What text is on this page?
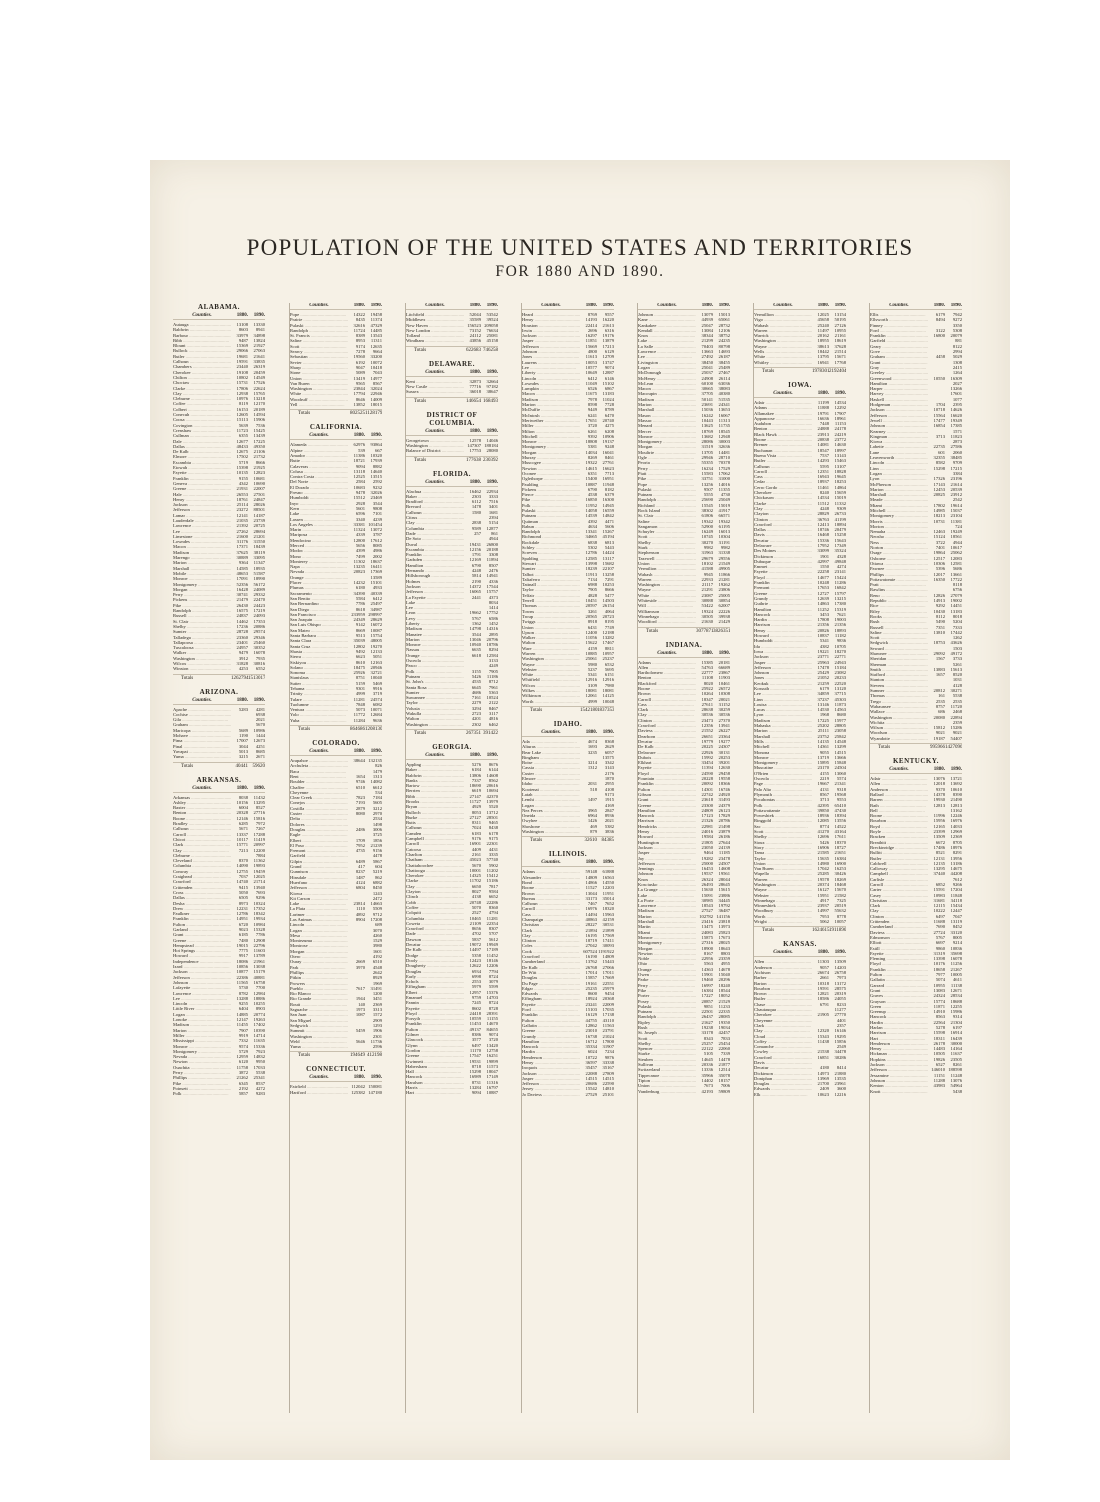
POPULATION OF THE UNITED STATES AND TERRITORIES
FOR 1880 AND 1890.
ALABAMA.
Counties.	1880.	1890.
Autauga .....	13108	13330
Baldwin .....	8603	8941
Barbour .....	33979	34898
Bibb .....	9487	13824
Blount .....	15369	21927
Bullock .....	29066	27063
Butler .....	19681	21641
Calhoun .....	19591	33835
Chambers .....	23440	26319
Cherokee .....	19108	20459
Chilton .....	10802	14549
Choctaw .....	15731	17526
Clarke .....	17806	22624
Clay .....	12938	15765
Cleburne .....	10976	13218
Coffee .....	8119	12170
Colbert .....	16153	20189
Conecuh .....	12605	14594
Coosa .....	15113	15906
Covington .....	5639	7536
Crenshaw .....	11723	15425
Cullman .....	6355	13439
Dale .....	12677	17225
Dallas .....	48433	49350
De Kalb .....	12675	21106
Elmore .....	17502	21732
Escambia .....	5719	8666
Etowah .....	15398	21925
Fayette .....	10135	12823
Franklin .....	9155	10681
Geneva .....	4342	10690
Greene .....	21931	22007
Hale .....	26553	27501
Henry .....	18761	24847
Jackson .....	25114	28026
Jefferson .....	23272	88501
Lamar .....	12141	14187
Lauderdale .....	21035	23739
Lawrence .....	21392	20725
Lee .....	27262	28694
Limestone .....	21600	21201
Lowndes .....	31176	31550
Macon .....	17371	18439
Madison .....	37625	38119
Marengo .....	30889	33095
Marion .....	9364	11347
Marshall .....	14585	18935
Mobile .....	48653	51587
Monroe .....	17091	18990
Montgomery .....	52356	56172
Morgan .....	16428	24089
Perry .....	30741	29332
Pickens .....	21479	22470
Pike .....	26430	24423
Randolph .....	16575	17219
Russell .....	24837	24093
St. Clair .....	14462	17353
Shelby .....	17236	20886
Sumter .....	28728	29574
Talladega .....	23360	29346
Tallapoosa .....	23401	25460
Tuscaloosa .....	24957	30352
Walker .....	9479	16078
Washington .....	3912	7935
Wilcox .....	31828	30816
Winston .....	4253	6552
Totals	1262794 1513017
ARIZONA.
Counties.	1880.	1890.
Apache .....	5283	4281
Cochise .....	6938
Gila .....	2021
Graham .....	5670
Maricopa .....	5689	10986
Mohave .....	1190	1444
Pima .....	17007	12673
Pinal .....	3044	4251
Yavapai .....	5013	8685
Yuma .....	3215	2671
Totals	40441 59620
ARKANSAS.
Counties.	1880.	1890.
Arkansas .....	8038	11432
Ashley .....	10156	13295
Baxter .....	6004	8527
Benton .....	20328	27716
Boone .....	12146	15816
Bradley .....	6285	7972
Calhoun .....	5671	7267
Carroll .....	13337	17288
Chicot .....	10117	11419
Clark .....	15771	20997
Clay .....	7213	12200
Cleburne .....	7884
Cleveland .....	8370	11362
Columbia .....	14090	19893
Conway .....	12755	19459
Craighead .....	7037	12025
Crawford .....	14740	21714
Crittenden .....	9415	13940
Cross .....	5050	7693
Dallas .....	6505	9296
Desha .....	8973	10324
Drew .....	12231	17352
Faulkner .....	12786	18342
Franklin .....	14951	19934
Fulton .....	6720	10984
Garland .....	9023	15328
Grant .....	6185	7786
Greene .....	7480	12908
Hempstead .....	19015	22796
Hot Springs .....	7775	11603
Howard .....	9917	13789
Independence .....	18086	21961
Izard .....	10856	13038
Jackson .....	10877	15179
Jefferson .....	22386	40881
Johnson .....	11565	16758
Lafayette .....	5730	7700
Lawrence .....	8782	12984
Lee .....	13288	18886
Lincoln .....	9255	10255
Little River .....	6404	8903
Logan .....	14885	20774
Lonoke .....	12147	19263
Madison .....	11455	17402
Marion .....	7907	10390
Miller .....	9919	14714
Mississippi .....	7332	11635
Monroe .....	9574	15336
Montgomery .....	5729	7923
Nevada .....	12959	14832
Newton .....	6120	9950
Ouachita .....	11758	17033
Perry .....	3872	5538
Phillips .....	21262	25341
Pike .....	6345	8537
Poinsett .....	2192	4272
Polk .....	5857	9283
Counties.	1880.	1890.
Pope .....	14322	19458
Prairie .....	8435	11374
Pulaski .....	32616	47329
Randolph .....	11724	14485
St. Francis .....	8389	13543
Saline .....	8953	11311
Scott .....	9174	12635
Searcy .....	7278	9664
Sebastian .....	19560	33200
Sevier .....	6192	10072
Sharp .....	9047	10418
Stone .....	5089	7043
Union .....	13419	14977
Van Buren .....	9565	8567
Washington .....	23844	32024
White .....	17794	22946
Woodruff .....	8646	14009
Yell .....	13852	18015
Totals	802525 1128179
CALIFORNIA.
Counties.	1880.	1890.
Alameda .....	62976	93864
Alpine .....	539	667
Amador .....	11386	10320
Butte .....	18721	17939
Calaveras .....	9094	8882
Colusa .....	13118	14640
Contra Costa .....	12525	13515
Del Norte .....	2584	2592
El Dorado .....	10683	9232
Fresno .....	9478	32026
Humboldt .....	15512	23469
Inyo .....	2928	3544
Kern .....	5601	9808
Lake .....	6596	7101
Lassen .....	3340	4239
Los Angeles .....	33381 101454
Marin .....	11324	13072
Mariposa .....	4339	3787
Mendocino .....	12800	17612
Merced .....	5656	8085
Modoc .....	4399	4986
Mono .....	7499	2002
Monterey .....	11302	18637
Napa .....	13235	16411
Nevada .....	20823	17369
Orange .....	13589
Placer .....	14232	15101
Plumas .....	6180	4933
Sacramento .....	34390	40339
San Benito .....	5584	6412
San Bernardino .....	7786	25497
San Diego .....	8618	34987
San Francisco .....	233959 298997
San Joaquin .....	24349	28629
San Luis Obispo .....	9142	16072
San Mateo .....	8669	10087
Santa Barbara .....	9513	15754
Santa Clara .....	35039	48005
Santa Cruz .....	12802	19270
Shasta .....	9492	12133
Sierra .....	6623	5051
Siskiyou .....	8610	12163
Solano .....	18475	20946
Sonoma .....	25926	32721
Stanislaus .....	8751	10040
Sutter .....	5159	5469
Tehama .....	9301	9916
Trinity .....	4999	3719
Tulare .....	11281	24574
Tuolumne .....	7848	6082
Ventura .....	5073	10071
Yolo .....	11772	12684
Yuba .....	11284	9636
Totals	864686 1208130
COLORADO.
Counties.	1880.	1890.
Arapahoe .....	38644 132135
Archuleta .....	826
Baca .....	1479
Bent .....	1654	1313
Boulder .....	9746	14082
Chaffee .....	6510	6612
Cheyenne .....	534
Clear Creek .....	7823	7184
Conejos .....	7193	5605
Costilla .....	2879	3212
Custer .....	8080	2970
Delta .....	2534
Dolores .....	1498
Douglas .....	2486	3006
Eagle .....	3725
Elbert .....	1709	1856
El Paso .....	7952	21239
Fremont .....	4735	9156
Garfield .....	4478
Gilpin .....	6489	5867
Grand .....	417	604
Gunnison .....	8237	5219
Hinsdale .....	1487	862
Huerfano .....	4124	6882
Jefferson .....	6804	8450
Kiowa .....	1243
Kit Carson .....	2472
Lake .....	23814	14663
La Plata .....	1110	5509
Larimer .....	4892	9712
Las Animas .....	8904	17208
Lincoln .....	689
Logan .....	3070
Mesa .....	4260
Montezuma .....	1529
Montrose .....	3980
Morgan .....	1601
Otero .....	4192
Ouray .....	2669	6510
Park .....	3970	4548
Phillips .....	2642
Pitkin .....	8929
Prowers .....	1969
Pueblo .....	7617	31491
Rio Blanco .....	1200
Rio Grande .....	1944	3451
Routt .....	140	2369
Saguache .....	1973	3313
San Juan .....	1087	1572
San Miguel .....	2909
Sedgwick .....	1293
Summit .....	5459	1906
Washington .....	2301
Weld .....	5646	11736
Yuma .....	2596
Totals	194649 412198
CONNECTICUT.
Counties.	1880.	1890.
Fairfield .....	112042 150081
Hartford .....	125382 147180
Counties.	1880.	1890.
Litchfield .....	52044	53542
Middlesex .....	35589	39524
New Haven .....	156523 209058
New London .....	73152	76634
Tolland .....	24112	25081
Windham .....	43856	45158
Totals	622683 746258
DELAWARE.
Counties.	1880.	1890.
Kent .....	32873	32664
New Castle .....	77716	97182
Sussex .....	36018	38647
Totals	146654 168493
DISTRICT OF COLUMBIA.
Counties.	1880.	1890.
Georgetown .....	12578	14046
Washington .....	147307 188184
Balance of District .....	17753	28080
Totals	177638 230392
FLORIDA.
Counties.	1880.	1890.
Alachua .....	16462	22934
Baker .....	2303	3333
Bradford .....	6112	7516
Brevard .....	1478	3401
Calhoun .....	1580	1681
Citrus .....	2394
Clay .....	2838	5154
Columbia .....	9589	12877
Dade .....	257	861
De Soto .....	4944
Duval .....	19431	26800
Escambia .....	12156	20188
Franklin .....	1791	3308
Gadsden .....	12169	11894
Hamilton .....	6790	8507
Hernando .....	4248	2476
Hillsborough .....	5814	14941
Holmes .....	2190	4336
Jackson .....	14372	17544
Jefferson .....	16065	15757
La Fayette .....	2441	4373
Lake .....	8034
Lee .....	1414
Leon .....	19662	17752
Levy .....	5767	6586
Liberty .....	1362	1452
Madison .....	14798	14316
Manatee .....	3544	2895
Marion .....	13046	20796
Monroe .....	10940	18786
Nassau .....	6635	8294
Orange .....	6618	12584
Osceola .....	3133
Pasco .....	4249
Polk .....	3155	7905
Putnam .....	5426	11186
St. John's .....	4535	8712
Santa Rosa .....	6645	7961
Sumter .....	4686	5363
Suwannee .....	7161	10524
Taylor .....	2279	2122
Volusia .....	3294	8467
Wakulla .....	2723	3117
Walton .....	4201	4816
Washington .....	2302	6462
Totals	267351 391422
GEORGIA.
Counties.	1880.	1890.
Appling .....	5276	8676
Baker .....	6184	6144
Baldwin .....	13806	14608
Banks .....	7337	8562
Bartow .....	18690	20616
Berrien .....	6619	10694
Bibb .....	27147	42370
Brooks .....	11727	13979
Bryan .....	4929	5520
Bulloch .....	8053	13712
Burke .....	27127	28501
Butts .....	8311	9465
Calhoun .....	7024	8438
Camden .....	6183	6178
Campbell .....	9176	9175
Carroll .....	16901	22301
Catoosa .....	4409	4431
Charlton .....	2161	3335
Chatham .....	45023	57740
Chattahoochee .....	5670	5902
Chattooga .....	10001	11202
Cherokee .....	14325	15412
Clarke .....	11702	15186
Clay .....	6650	7817
Clayton .....	8027	9584
Clinch .....	4138	6652
Cobb .....	20748	22286
Coffee .....	5070	8360
Colquitt .....	2527	4794
Columbia .....	10465	11281
Coweta .....	21109	22354
Crawford .....	8656	8307
Dade .....	4702	5707
Dawson .....	5837	5612
Decatur .....	19072	19949
De Kalb .....	14497	17189
Dodge .....	5358	11452
Dooly .....	12423	18146
Dougherty .....	12622	12206
Douglas .....	6934	7794
Early .....	6998	8724
Echols .....	2553	3079
Effingham .....	5979	5599
Elbert .....	12957	15376
Emanuel .....	9759	14703
Fannin .....	7245	8724
Fayette .....	8602	8728
Floyd .....	24418	28391
Forsyth .....	10559	11155
Franklin .....	11453	14670
Fulton .....	49137	84655
Gilmer .....	8386	9074
Glascock .....	3577	3720
Glynn .....	6497	13420
Gordon .....	11170	12758
Greene .....	17547	16251
Gwinnett .....	19531	19899
Habersham .....	8718	11573
Hall .....	15298	18047
Hancock .....	16989	17149
Haralson .....	8731	11316
Harris .....	13284	16797
Hart .....	9094	10887
Counties.	1880.	1890.
Heard .....	8769	9557
Henry .....	14193	16220
Houston .....	22414	21613
Irwin .....	2696	6316
Jackson .....	16297	19176
Jasper .....	11851	13879
Jefferson .....	15669	17213
Johnson .....	4800	6129
Jones .....	11613	12709
Laurens .....	10053	13747
Lee .....	10577	9074
Liberty .....	10649	12887
Lincoln .....	6412	6146
Lowndes .....	11049	15102
Lumpkin .....	6526	6867
Macon .....	11675	13183
Madison .....	7978	11024
Marion .....	8598	7728
McDuffie .....	9449	8789
McIntosh .....	6241	6470
Meriwether .....	17651	20740
Miller .....	3720	4275
Milton .....	6261	6208
Mitchell .....	9392	10906
Monroe .....	18808	19137
Montgomery .....	5381	9248
Morgan .....	14034	16041
Murray .....	8269	8461
Muscogee .....	19322	27761
Newton .....	14615	16623
Oconee .....	6351	7713
Oglethorpe .....	15400	16951
Paulding .....	10887	11948
Pickens .....	6790	8182
Pierce .....	4538	6379
Pike .....	16850	16300
Polk .....	11952	14945
Pulaski .....	14058	16559
Putnam .....	14539	14842
Quitman .....	4392	4471
Rabun .....	4634	5606
Randolph .....	13341	15267
Richmond .....	34665	45194
Rockdale .....	6838	6813
Schley .....	5302	5443
Screven .....	12786	14424
Spalding .....	12585	13117
Stewart .....	13998	15682
Sumter .....	18239	22107
Talbot .....	11913	13258
Taliaferro .....	7134	7291
Tattnall .....	6988	10253
Taylor .....	7905	8666
Telfair .....	4828	5477
Terrell .....	10451	14503
Thomas .....	20597	26154
Towns .....	3261	4064
Troup .....	20565	20723
Twiggs .....	8918	8195
Union .....	6431	7749
Upson .....	12400	12188
Walker .....	11056	13282
Walton .....	15622	17467
Ware .....	4159	8811
Warren .....	10885	10957
Washington .....	25061	25237
Wayne .....	5980	6532
Webster .....	5237	5695
White .....	5341	6151
Whitfield .....	12916	12916
Wilcox .....	3109	7980
Wilkes .....	18081	18081
Wilkinson .....	12061	14125
Worth .....	4999	10048
Totals	1542180 1837353
IDAHO.
Counties.	1880.	1890.
Ada .....	4674	8368
Alturas .....	1693	2629
Bear Lake .....	3235	6057
Bingham .....	13575
Boise .....	3214	3342
Cassia .....	1312	3143
Custer .....	2176
Elmore .....	1870
Idaho .....	2031	2955
Kootenai .....	518	4108
Latah .....	9173
Lemhi .....	1497	1915
Logan .....	4169
Nez Perces .....	3965	2847
Oneida .....	6964	8936
Owyhee .....	1426	2021
Shoshone .....	469	5382
Washington .....	879	3836
Totals	32610 84385
ILLINOIS.
Counties.	1880.	1890.
Adams .....	59148	61888
Alexander .....	14809	16563
Bond .....	14866	14550
Boone .....	11527	12203
Brown .....	13044	11951
Bureau .....	33173	35014
Calhoun .....	7467	7652
Carroll .....	16976	18320
Cass .....	14494	15963
Champaign .....	40863	42159
Christian .....	28227	30531
Clark .....	21894	21899
Clay .....	16195	17569
Clinton .....	18719	17411
Coles .....	27042	30093
Cook .....	607524 1191922
Crawford .....	16190	14809
Cumberland .....	13762	15443
De Kalb .....	26768	27066
De Witt .....	17014	17011
Douglas .....	15857	17669
Du Page .....	19161	22551
Edgar .....	25235	25979
Edwards .....	8600	9454
Effingham .....	18924	20368
Fayette .....	23241	22009
Ford .....	15103	17035
Franklin .....	16129	17138
Fulton .....	44755	43110
Gallatin .....	12862	11563
Greene .....	23010	23791
Grundy .....	16738	21024
Hamilton .....	16712	17800
Hancock .....	35334	31907
Hardin .....	6024	7234
Henderson .....	10722	9876
Henry .....	36597	33338
Iroquois .....	35457	35167
Jackson .....	22088	27809
Jasper .....	14515	14515
Jefferson .....	20686	22590
Jersey .....	15542	14810
Jo Daviess .....	27529	25101
Counties.	1880.	1890.
Johnson .....	13079	15013
Kane .....	44939	65061
Kankakee .....	25047	28732
Kendall .....	13084	12106
Knox .....	38344	38752
Lake .....	21299	24235
La Salle .....	70403	80798
Lawrence .....	13663	14693
Lee .....	27492	26187
Livingston .....	38450	38455
Logan .....	25041	25489
McDonough .....	25037	27467
McHenry .....	24908	26114
McLean .....	60100	63036
Macon .....	30665	38083
Macoupin .....	37705	40380
Madison .....	50141	51535
Marion .....	23691	24341
Marshall .....	15036	13653
Mason .....	16242	16067
Massac .....	10443	11313
Menard .....	13625	11735
Mercer .....	18769	18545
Monroe .....	13682	12948
Montgomery .....	28086	30003
Morgan .....	31519	32636
Moultrie .....	13705	14481
Ogle .....	29946	28710
Peoria .....	55355	70378
Perry .....	16234	17529
Piatt .....	15583	17062
Pike .....	33751	31000
Pope .....	13256	14016
Pulaski .....	9507	11355
Putnam .....	5555	4730
Randolph .....	25690	25049
Richland .....	15545	15019
Rock Island .....	38302	41917
St. Clair .....	61806	66571
Saline .....	19342	19342
Sangamon .....	52900	61195
Schuyler .....	16249	16013
Scott .....	10745	10304
Shelby .....	30270	31191
Stark .....	9982	9982
Stephenson .....	31963	31338
Tazewell .....	29679	29556
Union .....	18102	21549
Vermilion .....	41588	49905
Wabash .....	9945	11866
Warren .....	22933	21281
Washington .....	21117	19262
Wayne .....	21291	23806
White .....	23087	25005
Whiteside .....	30888	30854
Will .....	53422	62007
Williamson .....	19324	22226
Winnebago .....	30505	39938
Woodford .....	21630	21429
Totals	3077871 3826351
INDIANA.
Counties.	1880.	1890.
Adams .....	15385	20181
Allen .....	54763	66689
Bartholomew .....	22777	23867
Benton .....	11108	11903
Blackford .....	8020	10461
Boone .....	25922	26572
Brown .....	10264	10308
Carroll .....	18347	20021
Cass .....	27611	31152
Clark .....	28638	30259
Clay .....	30536	30536
Clinton .....	23473	27370
Crawford .....	12356	13941
Daviess .....	21552	26227
Dearborn .....	26651	23364
Decatur .....	19779	19277
De Kalb .....	20225	24307
Delaware .....	22926	30131
Dubois .....	15992	20253
Elkhart .....	33454	39201
Fayette .....	11394	12630
Floyd .....	24590	29458
Fountain .....	20228	19558
Franklin .....	20092	18366
Fulton .....	14301	16746
Gibson .....	22742	24920
Grant .....	23618	31493
Greene .....	23300	24379
Hamilton .....	24809	26123
Hancock .....	17123	17829
Harrison .....	21326	20786
Hendricks .....	22981	21498
Henry .....	24016	23879
Howard .....	19584	26186
Huntington .....	21805	27644
Jackson .....	23050	24139
Jasper .....	9464	11185
Jay .....	19282	23478
Jefferson .....	25000	24507
Jennings .....	16453	14608
Johnson .....	19537	19561
Knox .....	26324	28044
Kosciusko .....	26493	28645
La Grange .....	15630	15615
Lake .....	15091	23886
La Porte .....	30985	34445
Lawrence .....	18543	19792
Madison .....	27527	36487
Marion .....	102782 141156
Marshall .....	23416	23818
Martin .....	13475	13973
Miami .....	24083	25823
Monroe .....	15875	17673
Montgomery .....	27316	28025
Morgan .....	18900	18643
Newton .....	8167	8803
Noble .....	22956	23359
Ohio .....	5563	4955
Orange .....	14363	14678
Owen .....	15901	15040
Parke .....	19460	20296
Perry .....	16997	18240
Pike .....	16384	18544
Porter .....	17227	18052
Posey .....	20857	21529
Pulaski .....	9851	11233
Putnam .....	22501	22335
Randolph .....	26437	28085
Ripley .....	21627	19350
Rush .....	19238	19034
St. Joseph .....	33178	42457
Scott .....	8343	7833
Shelby .....	25257	25454
Spencer .....	22122	22060
Starke .....	5105	7339
Steuben .....	14645	14478
Sullivan .....	20336	21877
Switzerland .....	13336	12514
Tippecanoe .....	35966	35078
Tipton .....	14402	18157
Union .....	7673	7006
Vanderburg .....	42193	59809
Counties.	1880.	1890.
Vermillion .....	12025	13154
Vigo .....	45658	50195
Wabash .....	25240	27126
Warren .....	11497	10955
Warrick .....	20162	21161
Washington .....	18955	18619
Wayne .....	38613	37628
Wells .....	18442	21514
White .....	13795	15671
Whitley .....	16941	17768
Totals	1978301 2192404
IOWA.
Counties.	1880.	1890.
Adair .....	11199	14534
Adams .....	11888	12292
Allamakee .....	19791	17907
Appanoose .....	16636	18961
Audubon .....	7448	11153
Benton .....	24888	24178
Black Hawk .....	23913	24219
Boone .....	20838	23772
Bremer .....	14081	14630
Buchanan .....	18547	18997
Buena Vista .....	7537	13143
Butler .....	14293	15463
Calhoun .....	5595	13107
Carroll .....	12351	18828
Cass .....	16943	19645
Cedar .....	18937	18253
Cerro Gordo .....	11461	14864
Cherokee .....	8240	15659
Chickasaw .....	14534	15019
Clarke .....	11512	11332
Clay .....	4248	9309
Clayton .....	28829	26733
Clinton .....	36763	41199
Crawford .....	12413	18894
Dallas .....	18746	20479
Davis .....	16468	15258
Decatur .....	15336	15643
Delaware .....	17952	17349
Des Moines .....	33099	35324
Dickinson .....	1901	4328
Dubuque .....	42997	49848
Emmet .....	1550	4274
Fayette .....	22258	23141
Floyd .....	14677	15424
Franklin .....	10248	11286
Fremont .....	17653	16842
Greene .....	12727	15797
Grundy .....	12639	13215
Guthrie .....	14863	17380
Hamilton .....	11252	15319
Hancock .....	3453	7621
Hardin .....	17808	19003
Harrison .....	21356	21356
Henry .....	20826	18893
Howard .....	10837	11182
Humboldt .....	5341	9836
Ida .....	4382	10705
Iowa .....	19221	18270
Jackson .....	23771	22771
Jasper .....	25963	24943
Jefferson .....	17478	15184
Johnson .....	25429	23082
Jones .....	21052	20233
Keokuk .....	21259	22520
Kossuth .....	6179	13120
Lee .....	34859	37715
Linn .....	37237	45303
Louisa .....	13146	11873
Lucas .....	14530	14563
Lyon .....	1968	8680
Madison .....	17225	15977
Mahaska .....	25202	28805
Marion .....	25111	23058
Marshall .....	23752	25842
Mills .....	14135	14548
Mitchell .....	14361	13299
Monona .....	9055	14515
Monroe .....	13719	13666
Montgomery .....	15895	15848
Muscatine .....	23170	24504
O'Brien .....	4155	13060
Osceola .....	2219	5574
Page .....	19667	21341
Palo Alto .....	4131	9318
Plymouth .....	8567	19568
Pocahontas .....	3713	9553
Polk .....	42395	65410
Pottawattamie .....	39850	47430
Poweshiek .....	18936	18394
Ringgold .....	12085	13556
Sac .....	8774	14522
Scott .....	41270	43164
Shelby .....	12696	17611
Sioux .....	5426	18370
Story .....	16906	18727
Tama .....	21585	21651
Taylor .....	15635	16384
Union .....	14980	16900
Van Buren .....	17042	16253
Wapello .....	25285	30426
Warren .....	19578	18269
Washington .....	20374	18468
Wayne .....	16127	15670
Webster .....	15951	21582
Winnebago .....	4917	7325
Winneshiek .....	23937	20519
Woodbury .....	14997	55632
Worth .....	7953	8778
Wright .....	5062	10057
Totals	1624615 1911896
KANSAS.
Counties.	1880.	1890.
Allen .....	11303	13509
Anderson .....	9057	14203
Atchison .....	26674	26758
Barber .....	2661	7973
Barton .....	10318	13172
Bourbon .....	19591	28575
Brown .....	12821	20319
Butler .....	18586	24055
Chase .....	6791	8233
Chautauqua .....	11277
Cherokee .....	21905	27770
Cheyenne .....	4401
Clark .....	2357
Clay .....	12320	16146
Cloud .....	15343	19295
Coffey .....	11438	15856
Comanche .....	2549
Cowley .....	21538	34478
Crawford .....	16851	30286
Davis .....
Decatur .....	4180	8414
Dickinson .....	14973	21880
Doniphan .....	13969	13535
Douglas .....	21700	23961
Edwards .....	2409	3600
Elk .....	10623	12216
Counties.	1880.	1890.
Ellis .....	6179	7942
Ellsworth .....	8494	9272
Finney .....	3350
Ford .....	3122	5308
Franklin .....	16800	20079
Garfield .....	881
Geary .....	8122
Gove .....	2994
Graham .....	4458	5029
Grant .....	1308
Gray .....	2415
Greeley .....	1264
Greenwood .....	10550	16309
Hamilton .....	2027
Harper .....	13266
Harvey .....	17601
Haskell .....	1077
Hodgeman .....	1704	2395
Jackson .....	10718	14626
Jefferson .....	15564	16620
Jewell .....	17477	19349
Johnson .....	16854	17385
Kearney .....	1571
Kingman .....	3713	11823
Kiowa .....	2873
Labette .....	22735	27586
Lane .....	601	2060
Leavenworth .....	32355	38485
Lincoln .....	8582	9709
Linn .....	15298	17215
Logan .....	3384
Lyon .....	17326	23196
McPherson .....	17143	21614
Marion .....	12453	20539
Marshall .....	20825	23912
Meade .....	2542
Miami .....	17802	19614
Mitchell .....	14985	15037
Montgomery .....	18213	23104
Morris .....	10731	11381
Morton .....	724
Nemaha .....	12463	19249
Neosho .....	15124	18561
Ness .....	3722	4944
Norton .....	7401	10617
Osage .....	19864	25062
Osborne .....	12517	12083
Ottawa .....	10306	12581
Pawnee .....	5396	5686
Phillips .....	12017	13661
Pottawatomie .....	16350	17722
Pratt .....	8118
Rawlins .....	6756
Reno .....	12826	27079
Republic .....	14913	19002
Rice .....	9292	14451
Riley .....	10430	13183
Rooks .....	8112	8018
Rush .....	5490	5204
Russell .....	7351	7333
Saline .....	13810	17442
Scott .....	1262
Sedgwick .....	18753	43626
Seward .....	1503
Shawnee .....	29092	49172
Sheridan .....	1567	3733
Sherman .....	5261
Smith .....	13883	15613
Stafford .....	1657	8520
Stanton .....	1031
Stevens .....	4128
Sumner .....	20812	30271
Thomas .....	161	5538
Trego .....	2535	2535
Wabaunsee .....	8757	11720
Wallace .....	686	2468
Washington .....	20080	22894
Wichita .....	2359
Wilson .....	15812	15286
Woodson .....	9021	9021
Wyandotte .....	19187	54407
Totals	995966 1427096
KENTUCKY.
Counties.	1880.	1890.
Adair .....	13076	13721
Allen .....	12018	13692
Anderson .....	9370	10610
Ballard .....	14378	8390
Barren .....	19930	21490
Bath .....	12813	12813
Bell .....	13162
Boone .....	11996	12246
Bourbon .....	15956	16976
Boyd .....	12165	14033
Boyle .....	23399	12969
Bracken .....	13509	12369
Breathitt .....	6672	8705
Breckinridge .....	17486	18976
Bullitt .....	8521	8291
Butler .....	12131	13956
Caldwell .....	12135	13186
Calloway .....	13295	14675
Campbell .....	37440	44208
Carlisle .....	7612
Carroll .....	6852	9266
Carter .....	15591	17204
Casey .....	10983	11848
Christian .....	31681	34118
Clark .....	12115	15434
Clay .....	10222	12447
Clinton .....	6497	7047
Crittenden .....	11688	13119
Cumberland .....	7690	8452
Daviess .....	27724	33120
Edmonson .....	5767	8005
Elliott .....	6697	9214
Estill .....	9860	10836
Fayette .....	31319	35698
Fleming .....	13398	16078
Floyd .....	10176	11256
Franklin .....	18658	21267
Fulton .....	7977	10005
Gallatin .....	5074	4611
Garrard .....	10955	11138
Grant .....	13083	12671
Graves .....	24324	28534
Grayson .....	15774	18688
Green .....	11871	12255
Greenup .....	14910	15986
Hancock .....	8563	9314
Hardin .....	22564	21304
Harlan .....	5278	6197
Harrison .....	15598	16914
Hart .....	18311	16439
Henderson .....	26178	30000
Henry .....	14483	14164
Hickman .....	10505	11637
Hopkins .....	19826	23505
Jackson .....	6527	8261
Jefferson .....	146010 188598
Jessamine .....	11151	11248
Johnson .....	11288	13076
Kenton .....	43983	54964
Knott .....	5438
